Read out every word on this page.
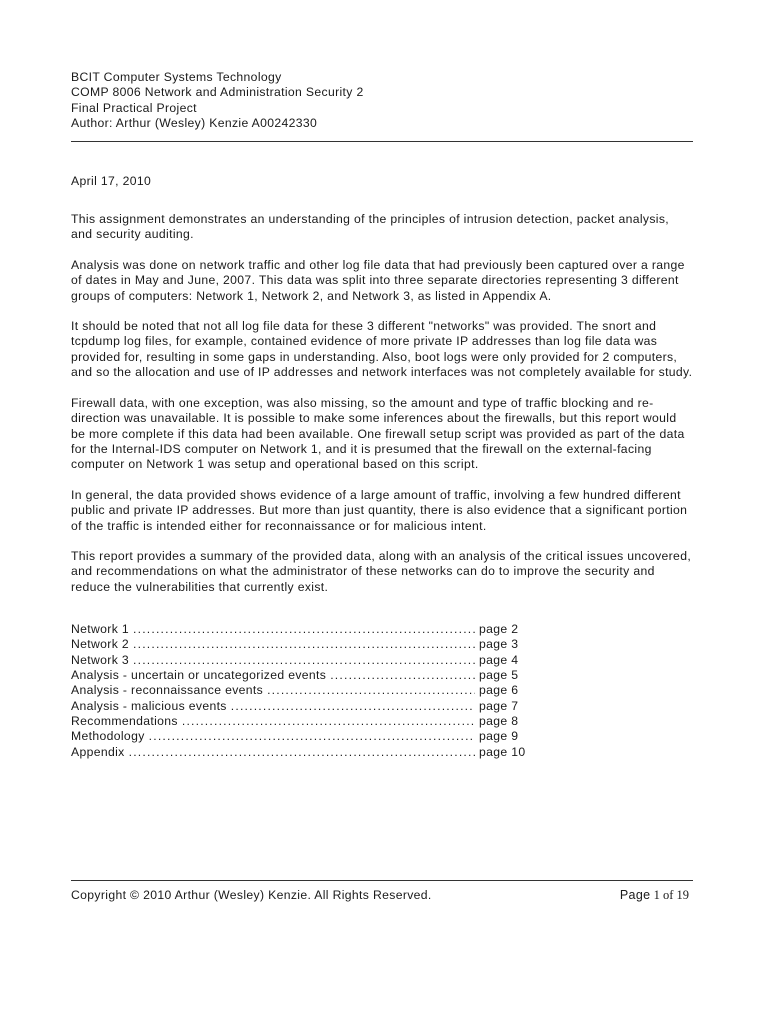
BCIT Computer Systems Technology
COMP 8006 Network and Administration Security 2
Final Practical Project
Author: Arthur (Wesley) Kenzie A00242330

April 17, 2010

This assignment demonstrates an understanding of the principles of intrusion detection, packet analysis, and security auditing.

Analysis was done on network traffic and other log file data that had previously been captured over a range of dates in May and June, 2007. This data was split into three separate directories representing 3 different groups of computers: Network 1, Network 2, and Network 3, as listed in Appendix A.

It should be noted that not all log file data for these 3 different "networks" was provided. The snort and tcpdump log files, for example, contained evidence of more private IP addresses than log file data was provided for, resulting in some gaps in understanding. Also, boot logs were only provided for 2 computers, and so the allocation and use of IP addresses and network interfaces was not completely available for study.

Firewall data, with one exception, was also missing, so the amount and type of traffic blocking and re-direction was unavailable. It is possible to make some inferences about the firewalls, but this report would be more complete if this data had been available. One firewall setup script was provided as part of the data for the Internal-IDS computer on Network 1, and it is presumed that the firewall on the external-facing computer on Network 1 was setup and operational based on this script.

In general, the data provided shows evidence of a large amount of traffic, involving a few hundred different public and private IP addresses. But more than just quantity, there is also evidence that a significant portion of the traffic is intended either for reconnaissance or for malicious intent.

This report provides a summary of the provided data, along with an analysis of the critical issues uncovered, and recommendations on what the administrator of these networks can do to improve the security and reduce the vulnerabilities that currently exist.

Network 1 .....	page 2
Network 2 .....	page 3
Network 3 .....	page 4
Analysis - uncertain or uncategorized events .....	page 5
Analysis - reconnaissance events .....	page 6
Analysis - malicious events .....	page 7
Recommendations .....	page 8
Methodology .....	page 9
Appendix .....	page 10
Copyright © 2010 Arthur (Wesley) Kenzie. All Rights Reserved.	Page 1 of 19
